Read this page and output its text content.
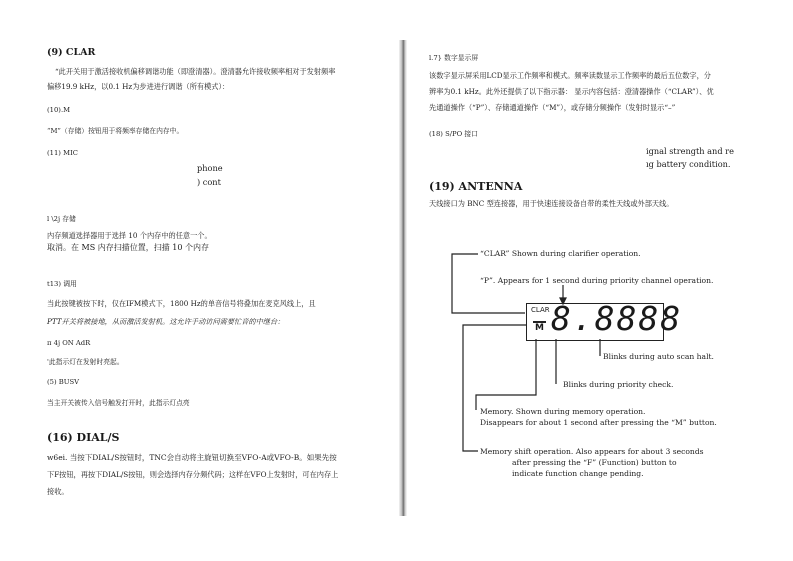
(9) CLAR
“此开关用于激活接收机偏移调谐功能（即澄清器）。澄清器允许接收频率相对于发射频率
偏移19.9 kHz，以0.1 Hz为步进进行调谐（所有模式）：
(10).M
“M”（存储）按钮用于将频率存储在内存中。
(11) MIC
phone
) cont
l \2j 存储
内存频道选择器用于选择 10 个内存中的任意一个。
取消。在 MS 内存扫描位置，扫描 10 个内存
t13) 调用
当此按键被按下时，仅在IFM模式下，1800 Hz的单音信号将叠加在麦克风线上，且
PTT开关将被接地，从而激活发射机。这允许手动访问需要忙音的中继台：
π 4j ON AdR
'此指示灯在发射时亮起。
(5) BUSV
当主开关被传入信号触发打开时，此指示灯点亮
(16) DIAL/S
w6ei. 当按下DIAL/S按钮时，TNC会自动将主旋钮切换至VFO-A或VFO-B。如果先按
下F按钮，再按下DIAL/S按钮，则会选择内存分频代码；这样在VFO上发射时，可在内存上
接收。
l.7} 数字显示屏
该数字显示屏采用LCD显示工作频率和模式。频率读数显示工作频率的最后五位数字，分
辨率为0.1 kHz。此外还提供了以下指示器： 显示内容包括：澄清器操作（“CLAR”）、优
先通道操作（“P”）、存储通道操作（“M”），或存储分频操作（发射时显示“–”
(18) S/PO 接口
ignal strength and re
ıg battery condition.
(19) ANTENNA
天线接口为 BNC 型连接器，用于快速连接设备自带的柔性天线或外部天线。
CLAR
M 8.8888
“CLAR” Shown during clarifier operation.
“P”. Appears for 1 second during priority channel operation.
Blinks during auto scan halt.
Blinks during priority check.
Memory. Shown during memory operation.
Disappears for about 1 second after pressing the “M” button.
Memory shift operation. Also appears for about 3 seconds
after pressing the “F” (Function) button to
indicate function change pending.
